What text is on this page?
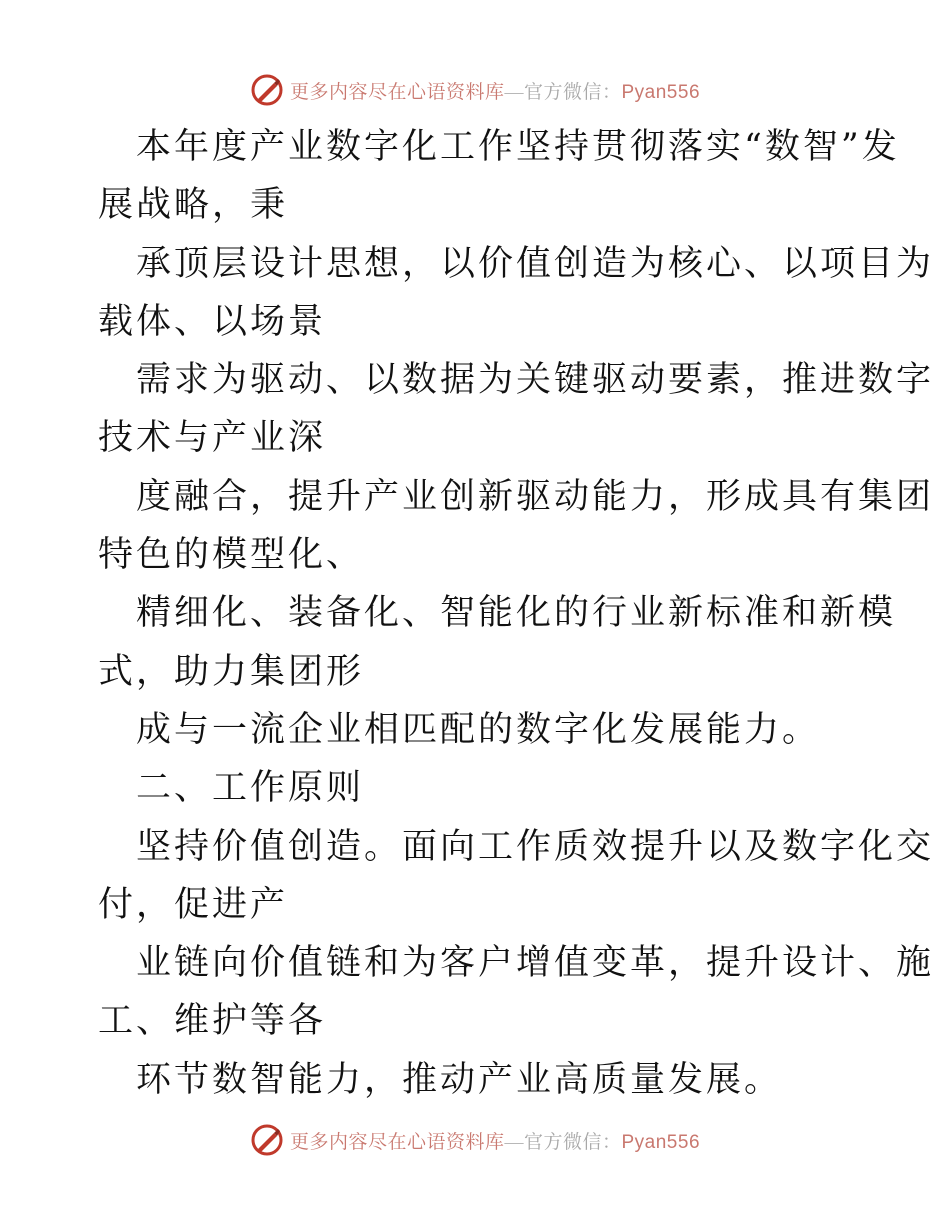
更多内容尽在心语资料库—官方微信：Pyan556
本年度产业数字化工作坚持贯彻落实“数智”发
展战略，秉
承顶层设计思想，以价值创造为核心、以项目为
载体、以场景
需求为驱动、以数据为关键驱动要素，推进数字
技术与产业深
度融合，提升产业创新驱动能力，形成具有集团
特色的模型化、
精细化、装备化、智能化的行业新标准和新模
式，助力集团形
成与一流企业相匹配的数字化发展能力。
二、工作原则
坚持价值创造。面向工作质效提升以及数字化交
付，促进产
业链向价值链和为客户增值变革，提升设计、施
工、维护等各
环节数智能力，推动产业高质量发展。
更多内容尽在心语资料库—官方微信：Pyan556
